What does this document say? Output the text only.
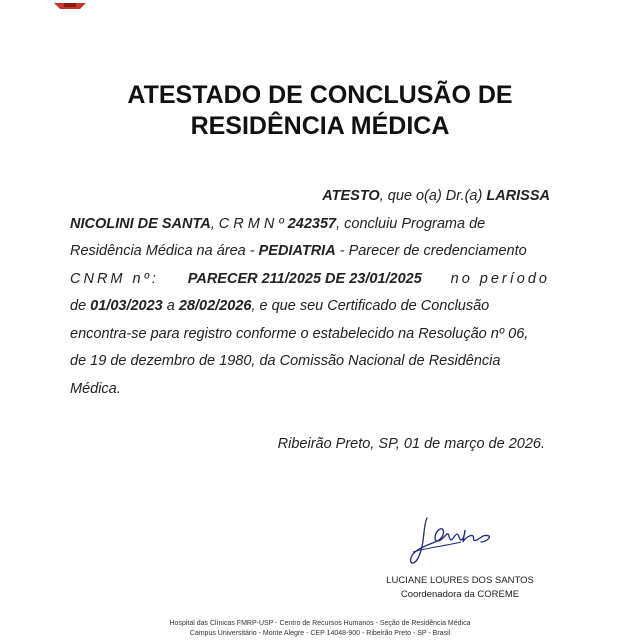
ATESTADO DE CONCLUSÃO DE
RESIDÊNCIA MÉDICA
ATESTO, que o(a) Dr.(a) LARISSA
NICOLINI DE SANTA, C R M N º 242357, concluiu Programa de
Residência Médica na área - PEDIATRIA - Parecer de credenciamento
CNRM nº: PARECER 211/2025 DE 23/01/2025 no período
de 01/03/2023 a 28/02/2026, e que seu Certificado de Conclusão
encontra-se para registro conforme o estabelecido na Resolução nº 06,
de 19 de dezembro de 1980, da Comissão Nacional de Residência
Médica.
Ribeirão Preto, SP, 01 de março de 2026.
LUCIANE LOURES DOS SANTOS
Coordenadora da COREME
Hospital das Clínicas FMRP-USP - Centro de Recursos Humanos - Seção de Residência Médica
Campus Universitário - Monte Alegre - CEP 14048-900 - Ribeirão Preto - SP - Brasil
